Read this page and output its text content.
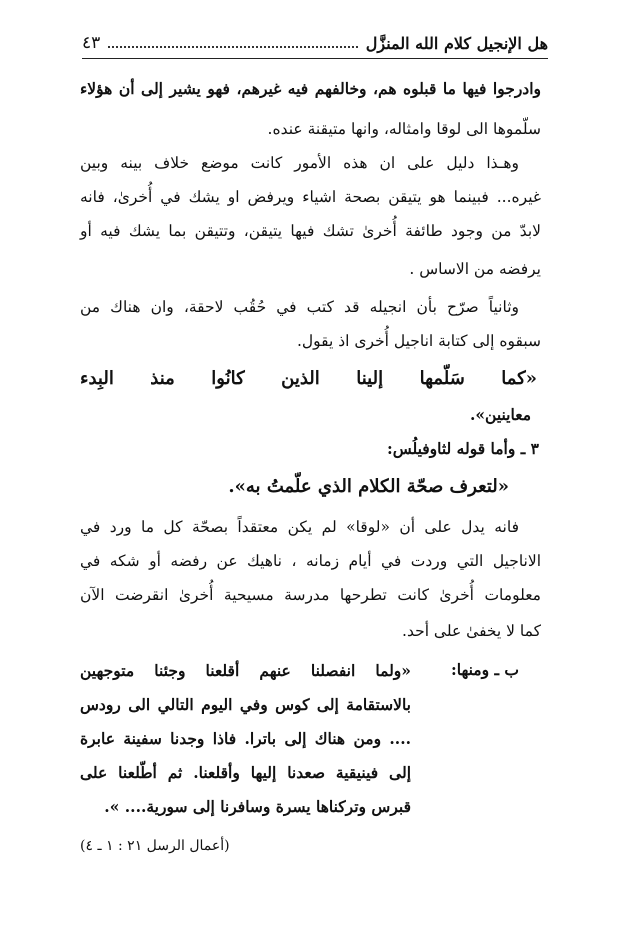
هل الإنجيل كلام الله المنزَّل
٤٣
وادرجوا فيها ما قبلوه هم، وخالفهم فيه غيرهم، فهو يشير إلى أن هؤلاء
سلّموها الى لوقا وامثاله، وانها متيقنة عنده.
وهـذا دليل على ان هذه الأمور كانت موضع خلاف بينه وبين
غيره... فبينما هو يتيقن بصحة اشياء ويرفض او يشك في أُخرىٰ، فانه
لابدّ من وجود طائفة أُخرىٰ تشك فيها يتيقن، وتتيقن بما يشك فيه أو
يرفضه من الاساس .
وثانياً صرّح بأن انجيله قد كتب في حُقُب لاحقة، وان هناك من
سبقوه إلى كتابة اناجيل أُخرى اذ يقول.
«كما سَلّمها إلينا الذين كانُوا منذ البِدء
معاينين».
٣ ـ وأما قوله لثاوفيلُس:
«لتعرف صحّة الكلام الذي علّمتُ به».
فانه يدل على أن «لوقا» لم يكن معتقداً بصحّة كل ما ورد في
الاناجيل التي وردت في أيام زمانه ، ناهيك عن رفضه أو شكه في
معلومات أُخرىٰ كانت تطرحها مدرسة مسيحية أُخرىٰ انقرضت الآن
كما لا يخفىٰ على أحد.
ب ـ ومنها:
«ولما انفصلنا عنهم أقلعنا وجئنا متوجهين
بالاستقامة إلى كوس وفي اليوم التالي الى رودس
.... ومن هناك إلى باترا. فاذا وجدنا سفينة عابرة
إلى فينيقية صعدنا إليها وأقلعنا. ثم أطّلعنا على
قبرس وتركناها يسرة وسافرنا إلى سورية.... ».
(أعمال الرسل ٢١ : ١ ـ ٤)
